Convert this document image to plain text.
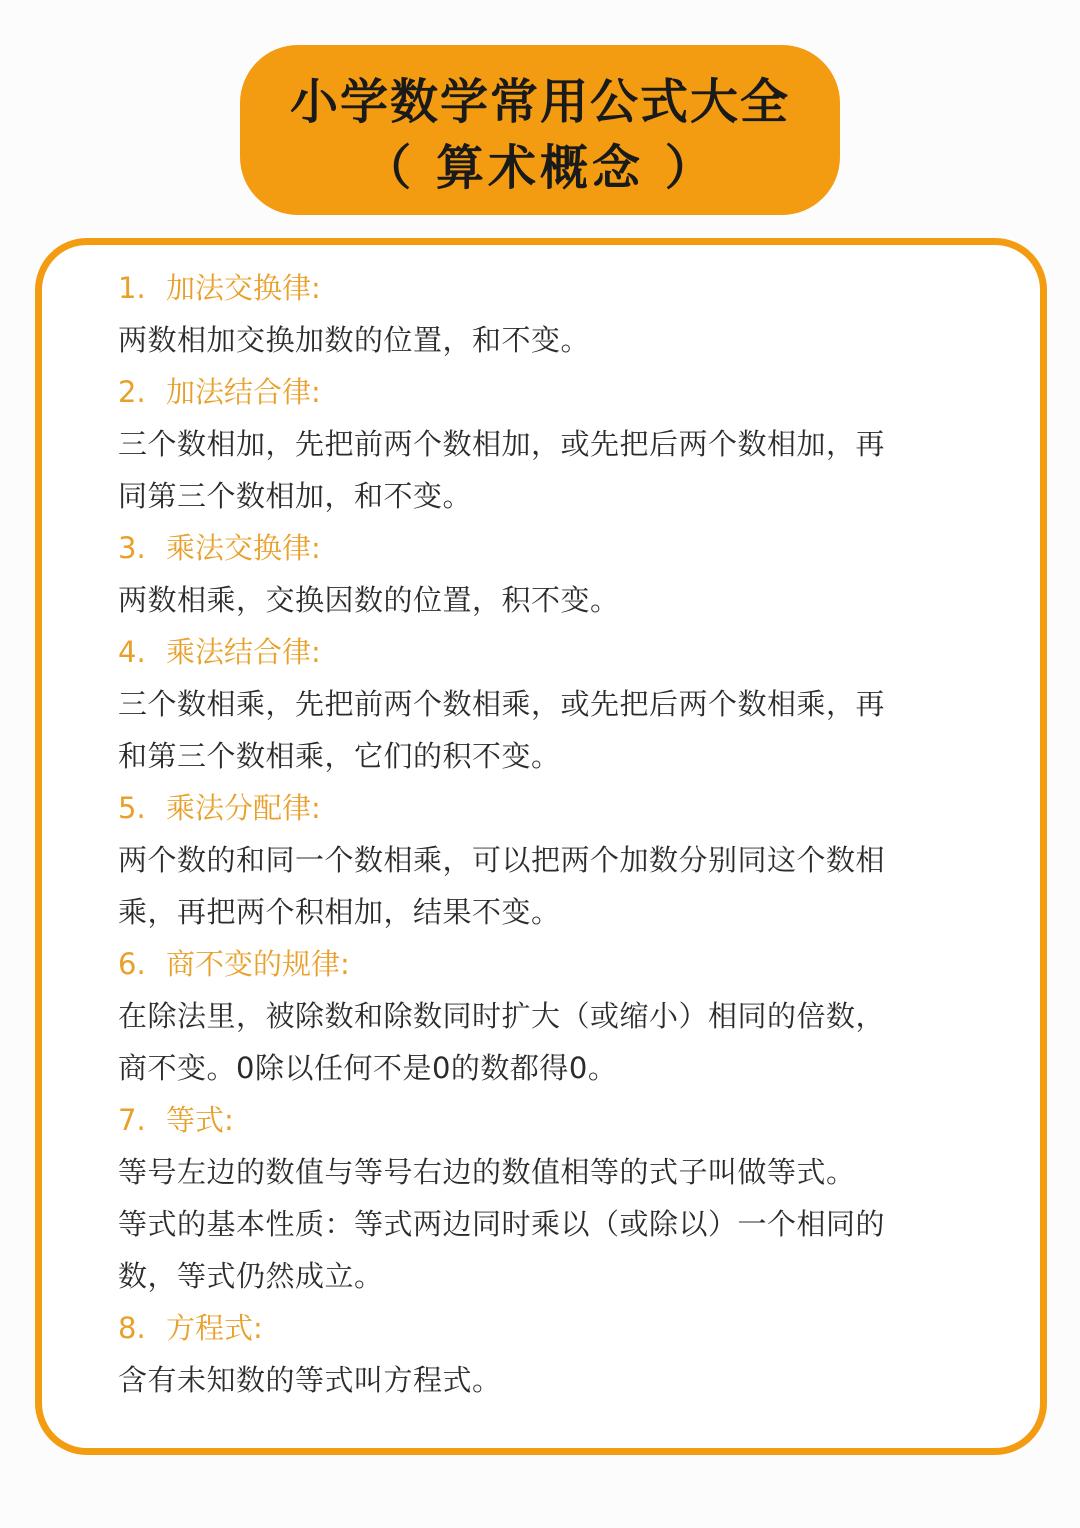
小学数学常用公式大全
（ 算术概念 ）
1. 加法交换律:

两数相加交换加数的位置，和不变。

2. 加法结合律:

三个数相加，先把前两个数相加，或先把后两个数相加，再

同第三个数相加，和不变。

3. 乘法交换律:

两数相乘，交换因数的位置，积不变。

4. 乘法结合律:

三个数相乘，先把前两个数相乘，或先把后两个数相乘，再

和第三个数相乘，它们的积不变。

5. 乘法分配律:

两个数的和同一个数相乘，可以把两个加数分别同这个数相

乘，再把两个积相加，结果不变。

6. 商不变的规律:

在除法里，被除数和除数同时扩大（或缩小）相同的倍数，

商不变。0除以任何不是0的数都得0。

7. 等式:

等号左边的数值与等号右边的数值相等的式子叫做等式。

等式的基本性质：等式两边同时乘以（或除以）一个相同的

数，等式仍然成立。

8. 方程式:

含有未知数的等式叫方程式。
